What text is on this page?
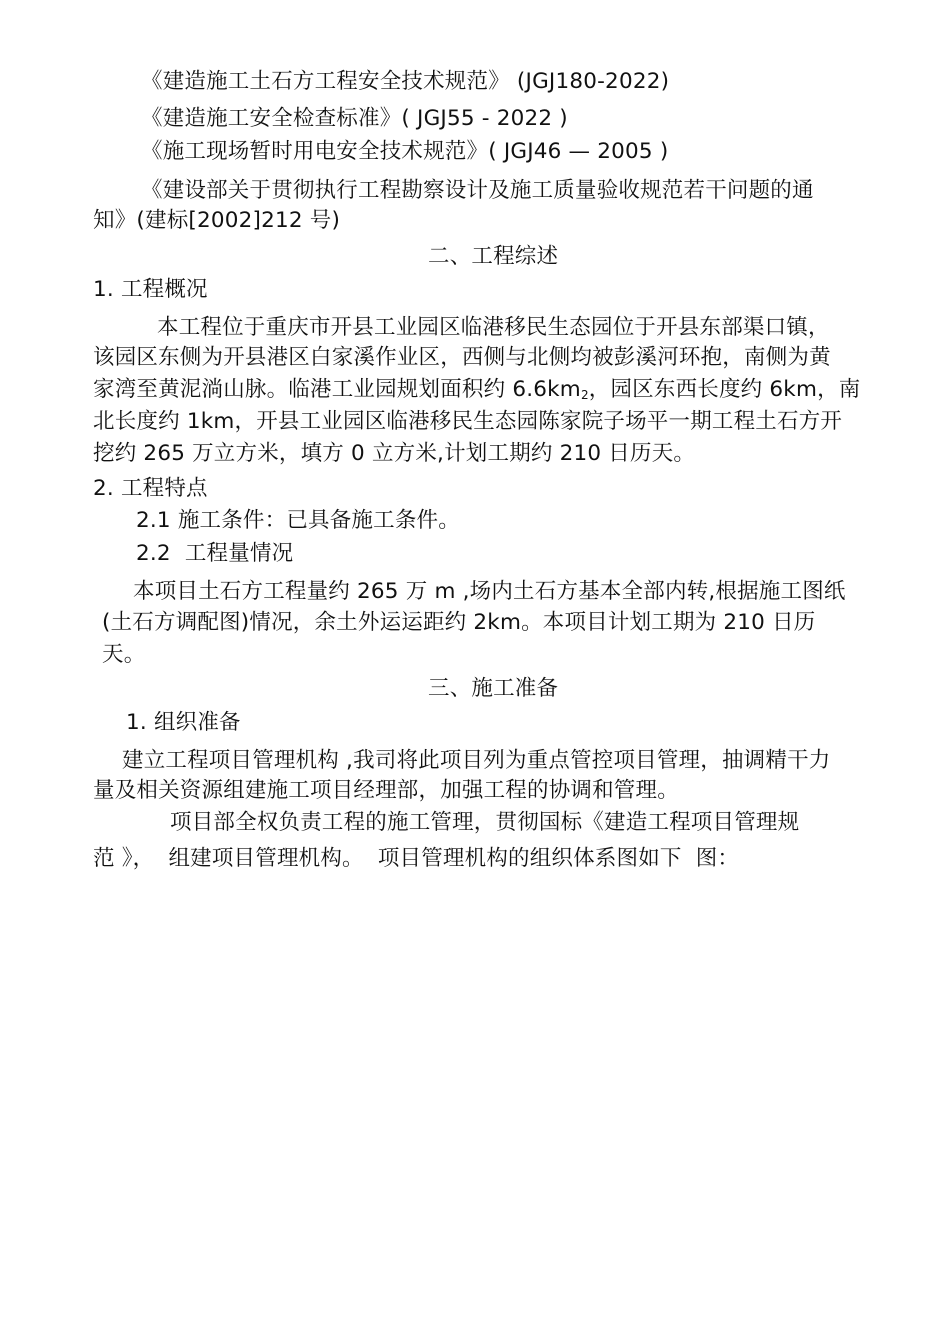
《建造施工土石方工程安全技术规范》 (JGJ180-2022)
《建造施工安全检查标准》( JGJ55 - 2022 )
《施工现场暂时用电安全技术规范》( JGJ46 — 2005 )
《建设部关于贯彻执行工程勘察设计及施工质量验收规范若干问题的通
知》(建标[2002]212 号)
二、工程综述
1. 工程概况
本工程位于重庆市开县工业园区临港移民生态园位于开县东部渠口镇，
该园区东侧为开县港区白家溪作业区，西侧与北侧均被彭溪河环抱，南侧为黄
家湾至黄泥淌山脉。临港工业园规划面积约 $6.6km_2$，园区东西长度约 6km，南
北长度约 1km，开县工业园区临港移民生态园陈家院子场平一期工程土石方开
挖约 265 万立方米，填方 0 立方米,计划工期约 210 日历天。
2. 工程特点
2.1 施工条件：已具备施工条件。
2.2  工程量情况
本项目土石方工程量约 265 万 m ,场内土石方基本全部内转,根据施工图纸
(土石方调配图)情况，余土外运运距约 2km。本项目计划工期为 210 日历
天。
三、施工准备
1. 组织准备
建立工程项目管理机构 ,我司将此项目列为重点管控项目管理，抽调精干力
量及相关资源组建施工项目经理部，加强工程的协调和管理。
项目部全权负责工程的施工管理，贯彻国标《建造工程项目管理规
范 》，  组建项目管理机构。  项目管理机构的组织体系图如下  图：
